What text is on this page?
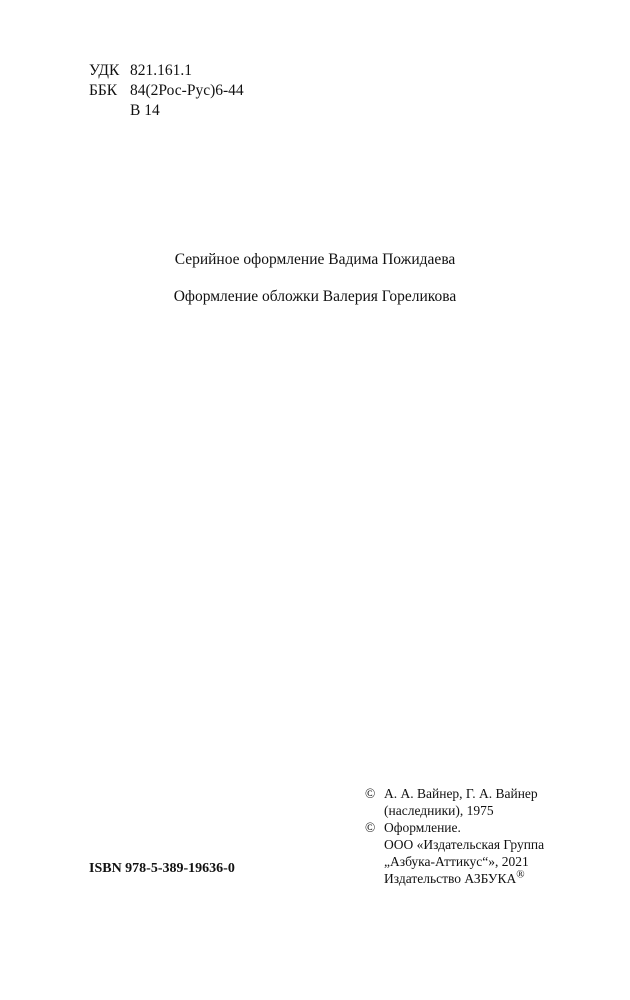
УДК 821.161.1
ББК 84(2Рос-Рус)6-44
В 14
Серийное оформление Вадима Пожидаева
Оформление обложки Валерия Гореликова
© А. А. Вайнер, Г. А. Вайнер
(наследники), 1975
© Оформление.
ООО «Издательская Группа
„Азбука-Аттикус“», 2021
Издательство АЗБУКА®
ISBN 978-5-389-19636-0
